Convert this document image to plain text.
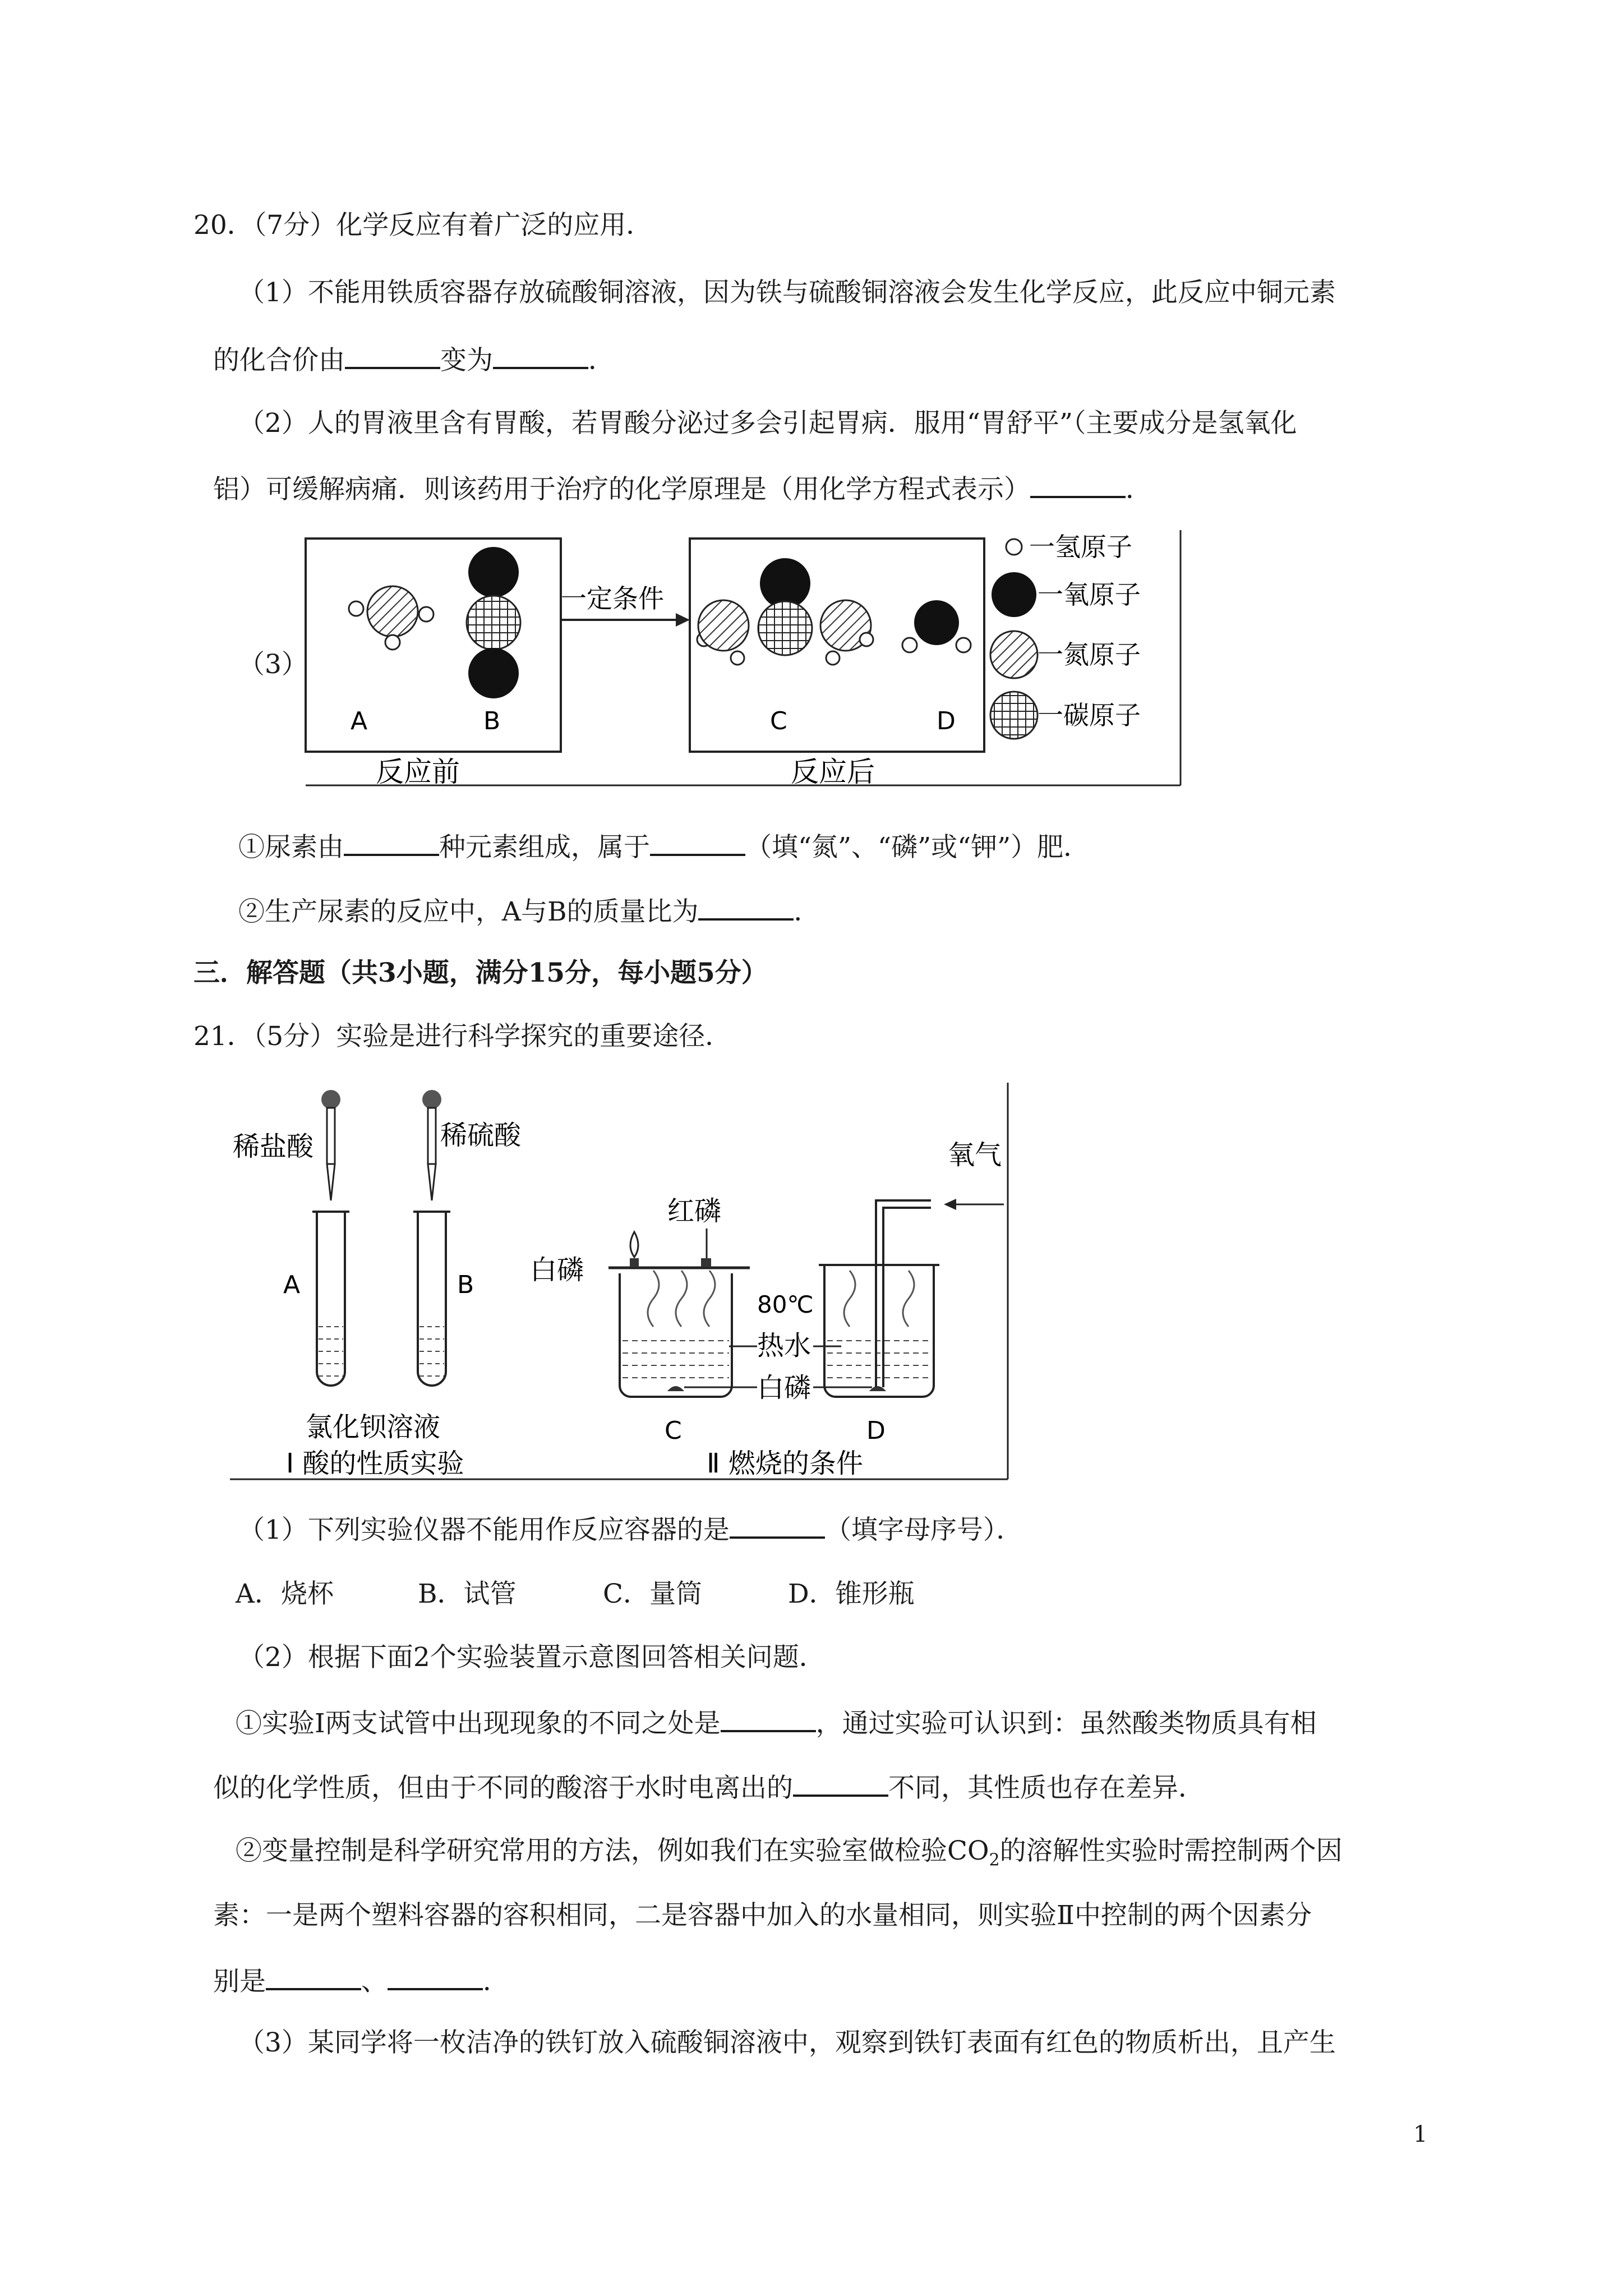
20．（7分）化学反应有着广泛的应用．
（1）不能用铁质容器存放硫酸铜溶液，因为铁与硫酸铜溶液会发生化学反应，此反应中铜元素
的化合价由	变为	．
（2）人的胃液里含有胃酸，若胃酸分泌过多会引起胃病．服用“胃舒平”（主要成分是氢氧化
铝）可缓解病痛．则该药用于治疗的化学原理是（用化学方程式表示）	．
（3）
A	B
一定条件
C	D
一氢原子
一氧原子
一氮原子
一碳原子
反应前	反应后
①尿素由	种元素组成，属于	（填“氮”、“磷”或“钾”）肥．
②生产尿素的反应中，A与B的质量比为	．
三．解答题（共3小题，满分15分，每小题5分）
21．（5分）实验是进行科学探究的重要途径．
稀盐酸	稀硫酸
A	B
氯化钡溶液
Ⅰ 酸的性质实验
白磷
红磷
C
80℃
热水
白磷
D
氧气
Ⅱ 燃烧的条件
（1）下列实验仪器不能用作反应容器的是	（填字母序号）．
A．烧杯	B．试管	C．量筒	D．锥形瓶
（2）根据下面2个实验装置示意图回答相关问题．
①实验Ⅰ两支试管中出现现象的不同之处是	，通过实验可认识到：虽然酸类物质具有相
似的化学性质，但由于不同的酸溶于水时电离出的	不同，其性质也存在差异．
②变量控制是科学研究常用的方法，例如我们在实验室做检验$CO_2$的溶解性实验时需控制两个因
素：一是两个塑料容器的容积相同，二是容器中加入的水量相同，则实验Ⅱ中控制的两个因素分
别是	、	．
（3）某同学将一枚洁净的铁钉放入硫酸铜溶液中，观察到铁钉表面有红色的物质析出，且产生
1
